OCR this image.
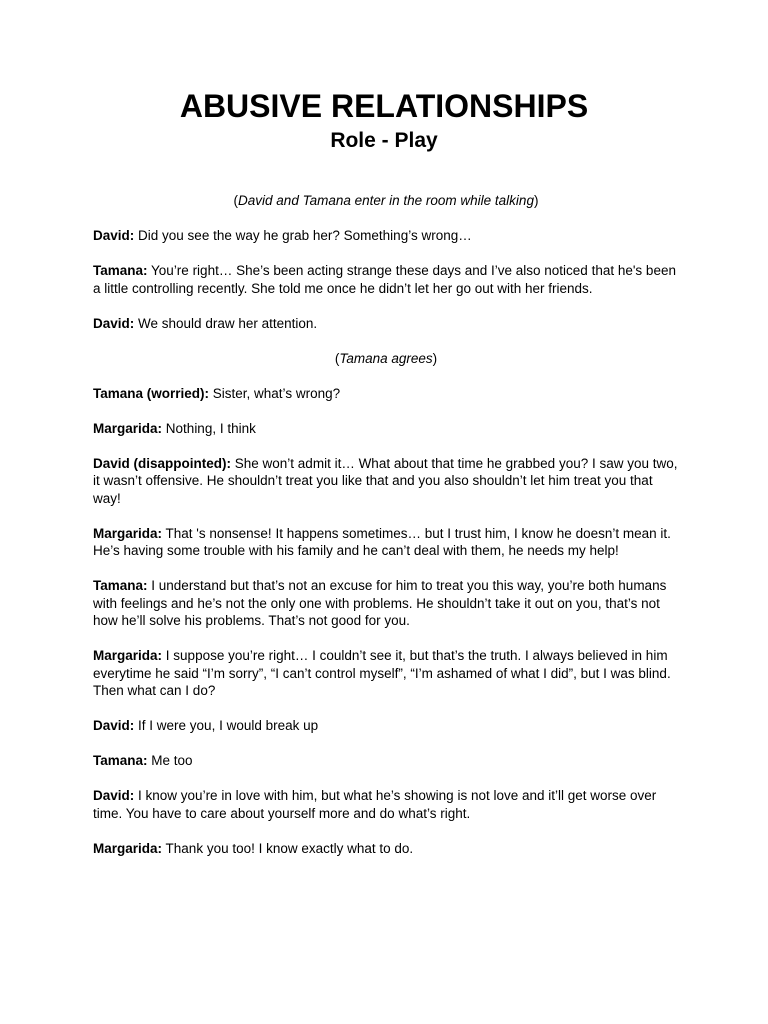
ABUSIVE RELATIONSHIPS
Role - Play

(David and Tamana enter in the room while talking)

David: Did you see the way he grab her? Something’s wrong…

Tamana: You’re right… She’s been acting strange these days and I’ve also noticed that he's been a little controlling recently. She told me once he didn’t let her go out with her friends.

David: We should draw her attention.

(Tamana agrees)

Tamana (worried): Sister, what’s wrong?

Margarida: Nothing, I think

David (disappointed): She won’t admit it… What about that time he grabbed you? I saw you two, it wasn’t offensive. He shouldn’t treat you like that and you also shouldn’t let him treat you that way!

Margarida: That 's nonsense! It happens sometimes… but I trust him, I know he doesn’t mean it. He’s having some trouble with his family and he can’t deal with them, he needs my help!

Tamana: I understand but that’s not an excuse for him to treat you this way, you’re both humans with feelings and he’s not the only one with problems. He shouldn’t take it out on you, that’s not how he’ll solve his problems. That’s not good for you.

Margarida: I suppose you’re right… I couldn’t see it, but that’s the truth. I always believed in him everytime he said “I’m sorry”, “I can’t control myself”, “I’m ashamed of what I did”, but I was blind. Then what can I do?

David: If I were you, I would break up

Tamana: Me too

David: I know you’re in love with him, but what he’s showing is not love and it’ll get worse over time. You have to care about yourself more and do what’s right.

Margarida: Thank you too! I know exactly what to do.
